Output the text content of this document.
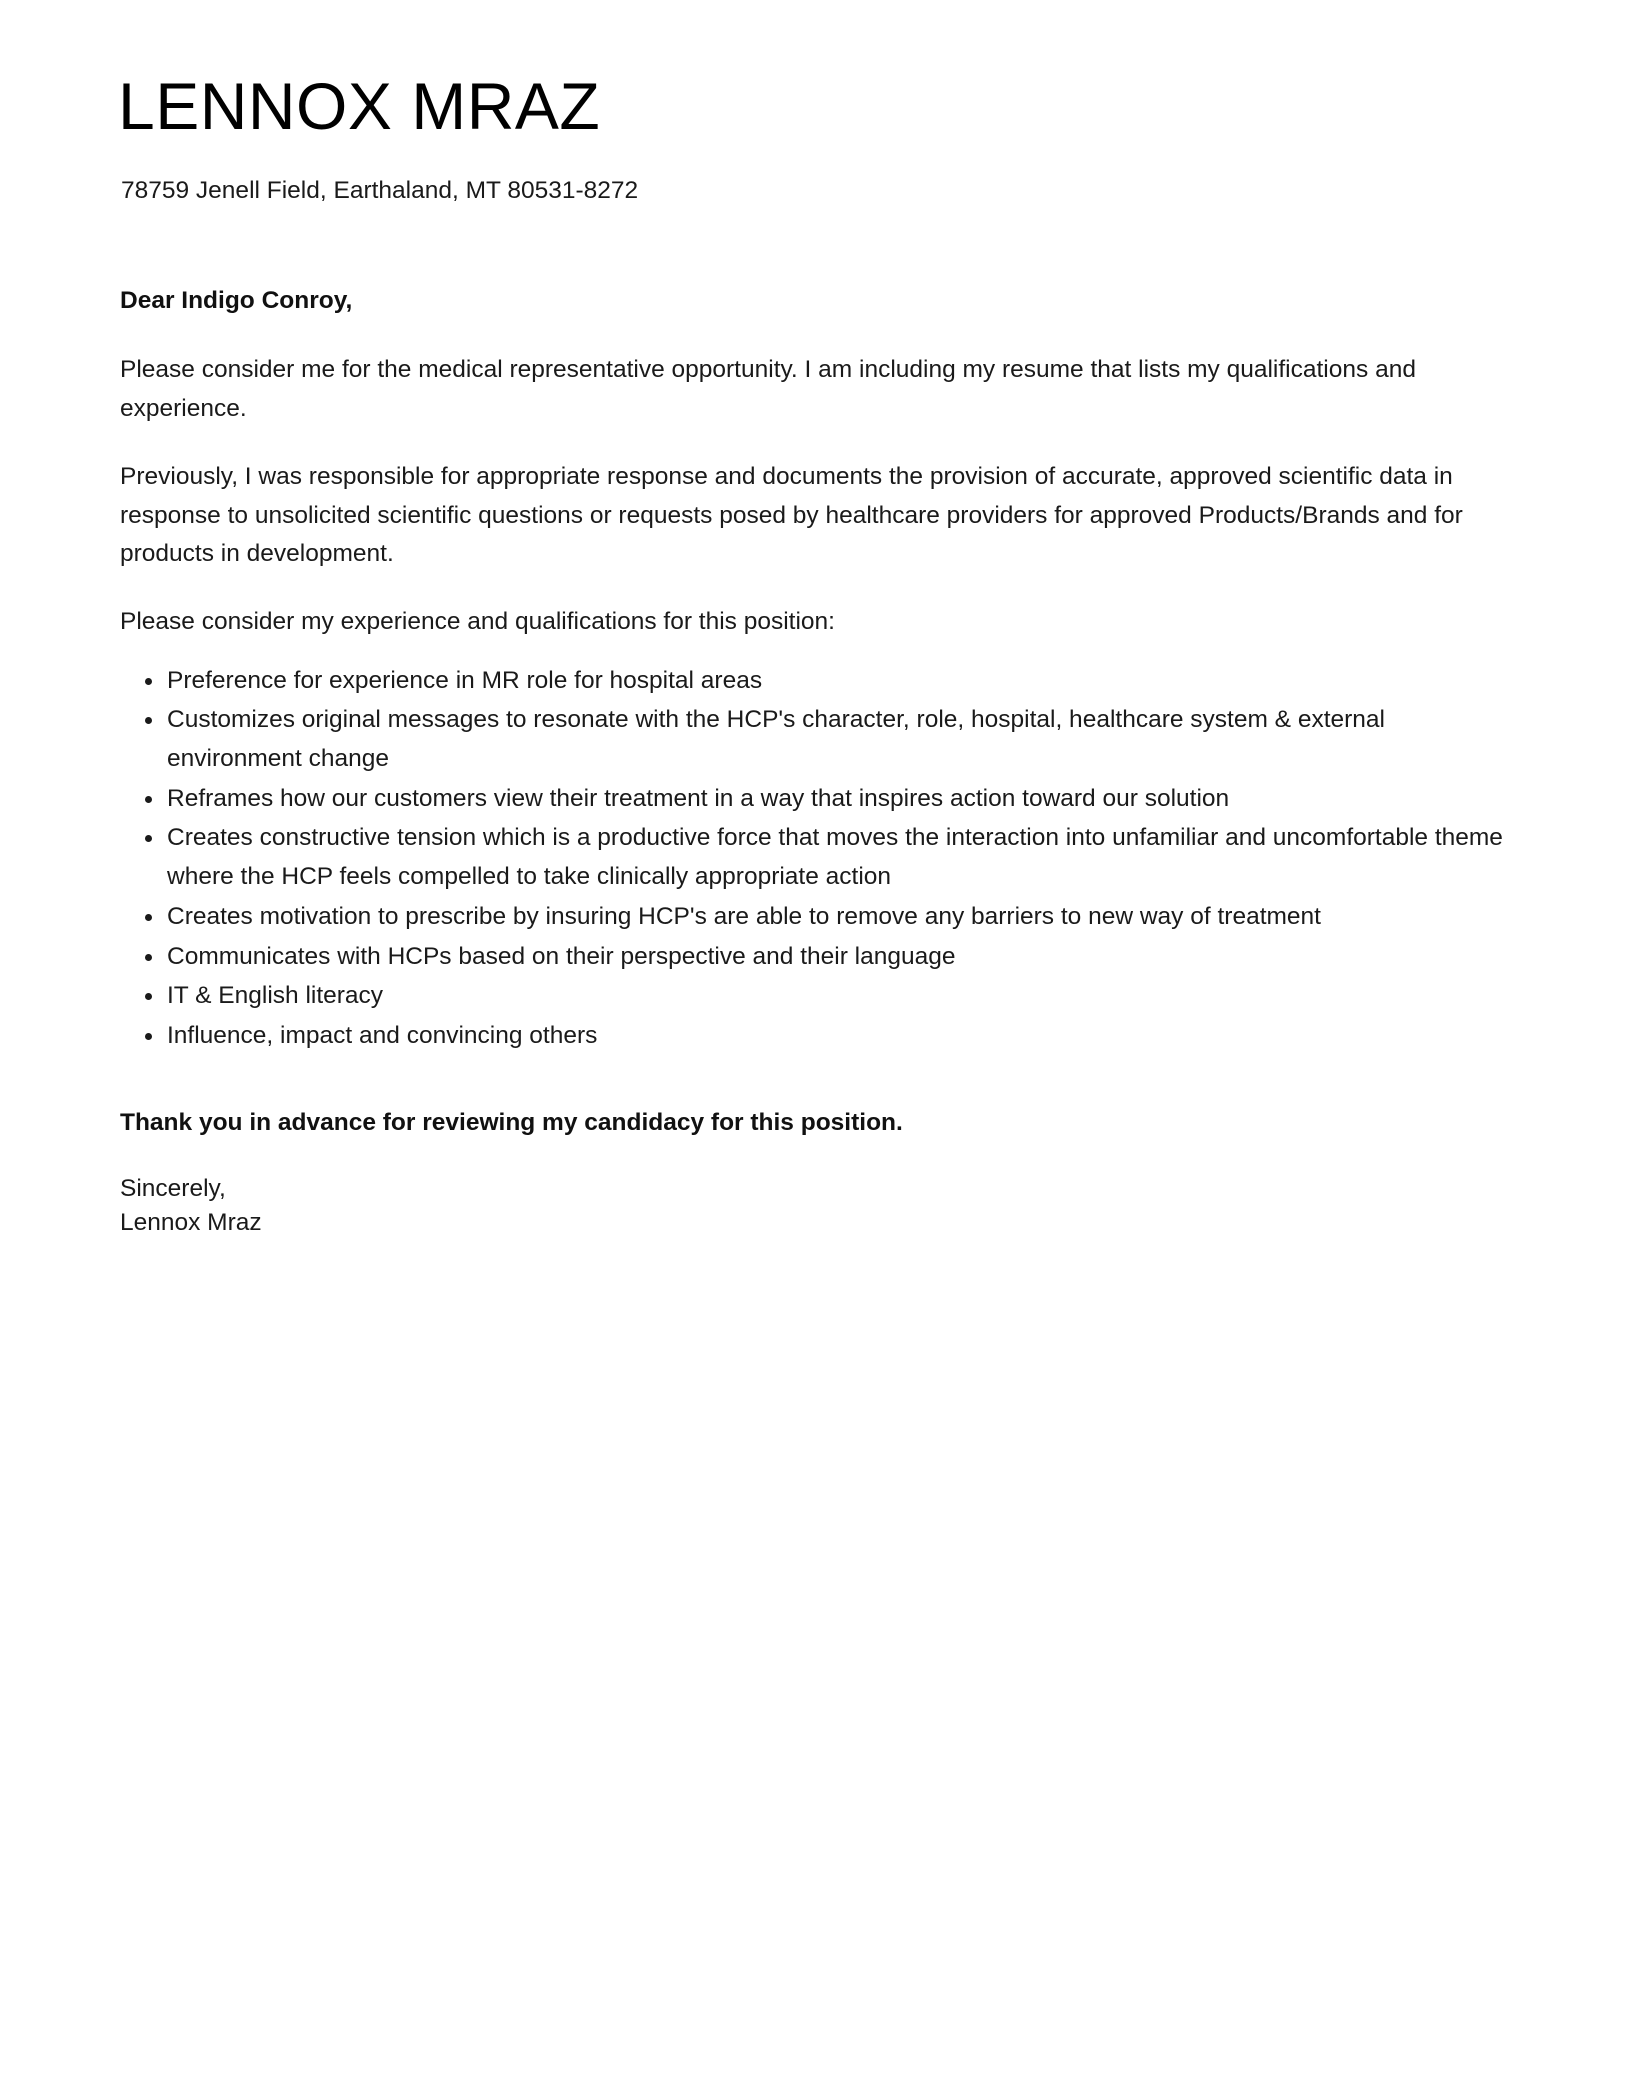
LENNOX MRAZ
78759 Jenell Field, Earthaland, MT 80531-8272

Dear Indigo Conroy,

Please consider me for the medical representative opportunity. I am including my resume that lists my qualifications and experience.

Previously, I was responsible for appropriate response and documents the provision of accurate, approved scientific data in response to unsolicited scientific questions or requests posed by healthcare providers for approved Products/Brands and for products in development.

Please consider my experience and qualifications for this position:

Preference for experience in MR role for hospital areas
Customizes original messages to resonate with the HCP's character, role, hospital, healthcare system & external environment change
Reframes how our customers view their treatment in a way that inspires action toward our solution
Creates constructive tension which is a productive force that moves the interaction into unfamiliar and uncomfortable theme where the HCP feels compelled to take clinically appropriate action
Creates motivation to prescribe by insuring HCP's are able to remove any barriers to new way of treatment
Communicates with HCPs based on their perspective and their language
IT & English literacy
Influence, impact and convincing others

Thank you in advance for reviewing my candidacy for this position.

Sincerely,
Lennox Mraz
